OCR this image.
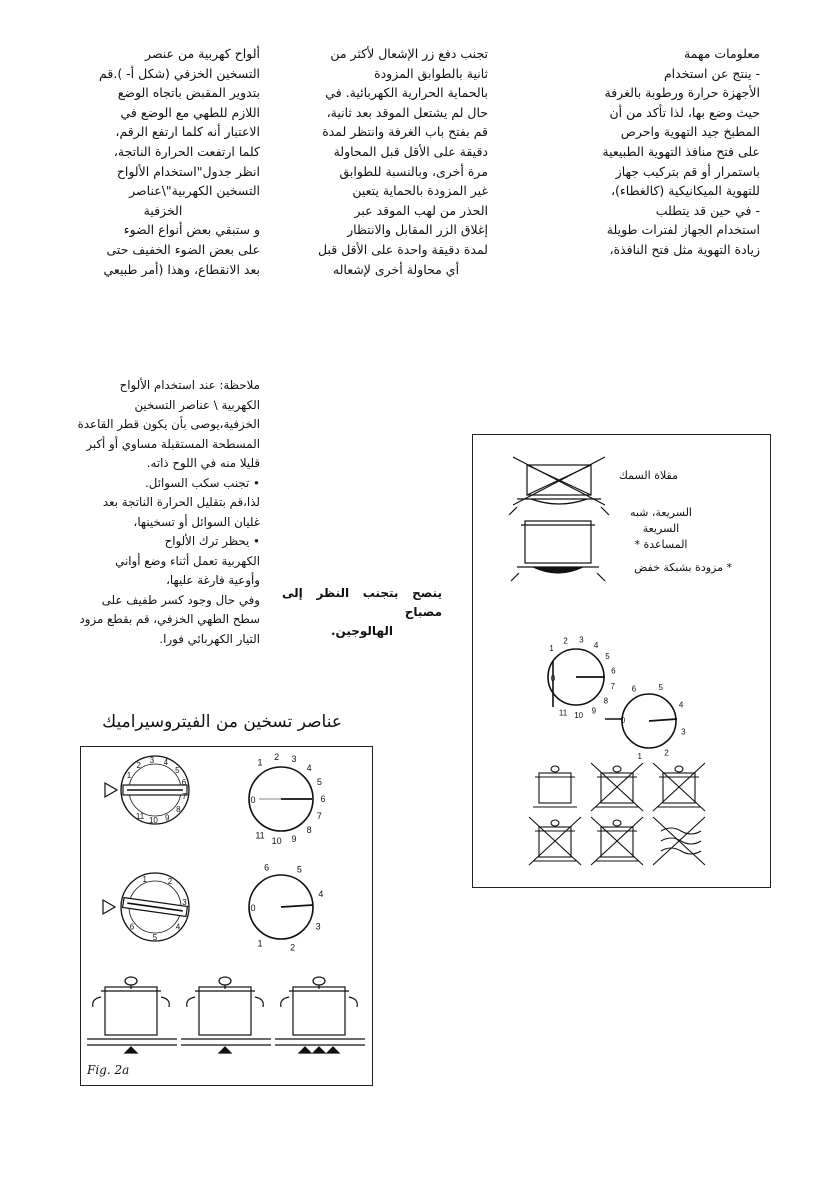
معلومات مهمة

- ينتج عن استخدام

الأجهزة حرارة ورطوبة بالغرفة

حيث وضع بها، لذا تأكد من أن

المطبخ جيد التهوية واحرص

على فتح منافذ التهوية الطبيعية

باستمرار أو قم بتركيب جهاز

للتهوية الميكانيكية (كالغطاء)،

- في حين قد يتطلب

استخدام الجهاز لفترات طويلة

زيادة التهوية مثل فتح النافذة،

تجنب دفع زر الإشعال لأكثر من

ثانية بالطوابق المزودة

بالحماية الحرارية الكهربائية. في

حال لم يشتعل الموقد بعد ثانية،

قم بفتح باب الغرفة وانتظر لمدة

دقيقة على الأقل قبل المحاولة

مرة أخرى، وبالنسبة للطوابق

غير المزودة بالحماية يتعين

الحذر من لهب الموقد عبر

إغلاق الزر المقابل والانتظار

لمدة دقيقة واحدة على الأقل قبل

أي محاولة أخرى لإشعاله

ألواح كهربية من عنصر

التسخين الخزفي (شكل أ- ).قم

بتدوير المقبض باتجاه الوضع

اللازم للطهي مع الوضع في

الاعتبار أنه كلما ارتفع الرقم،

كلما ارتفعت الحرارة الناتجة،

انظر جدول"استخدام الألواح

التسخين الكهربية"\عناصر

الخزفية

و ستبقي بعض أنواع الضوء

على بعض الضوء الخفيف حتى

بعد الانقطاع، وهذا (أمر طبيعي

ملاحظة: عند استخدام الألواح

الكهربية \ عناصر التسخين

الخزفية،يوصى بأن يكون قطر القاعدة

المسطحة المستقبلة مساوي أو أكبر

قليلا منه في اللوح ذاته.

• تجنب سكب السوائل.

لذا،قم بتقليل الحرارة الناتجة بعد

غليان السوائل أو تسخينها،

• يحظر ترك الألواح

الكهربية تعمل أثناء وضع أواني

وأوعية فارغة عليها،

وفي حال وجود كسر طفيف على

سطح الطهي الخزفي، قم بقطع مزود

التيار الكهربائي فورا.

ينصح بتجنب النظر إلى مصباح

الهالوجين.

عناصر تسخين من الفيتروسيراميك
1
2
3 4
5
6
7
8
9
10
11
1
2 3
4
5
6
7
8
9
10
11
0
1	2
3
4
5
6
6	5
4
3
2
1
0
Fig. 2a
1
2 3
4
5
6
7
8
9
10
11
0
6	5
4
3
2
1
0
مقلاة السمك
السريعة، شبه
السريعة
المساعدة *
* مزودة بشبكة خفض
